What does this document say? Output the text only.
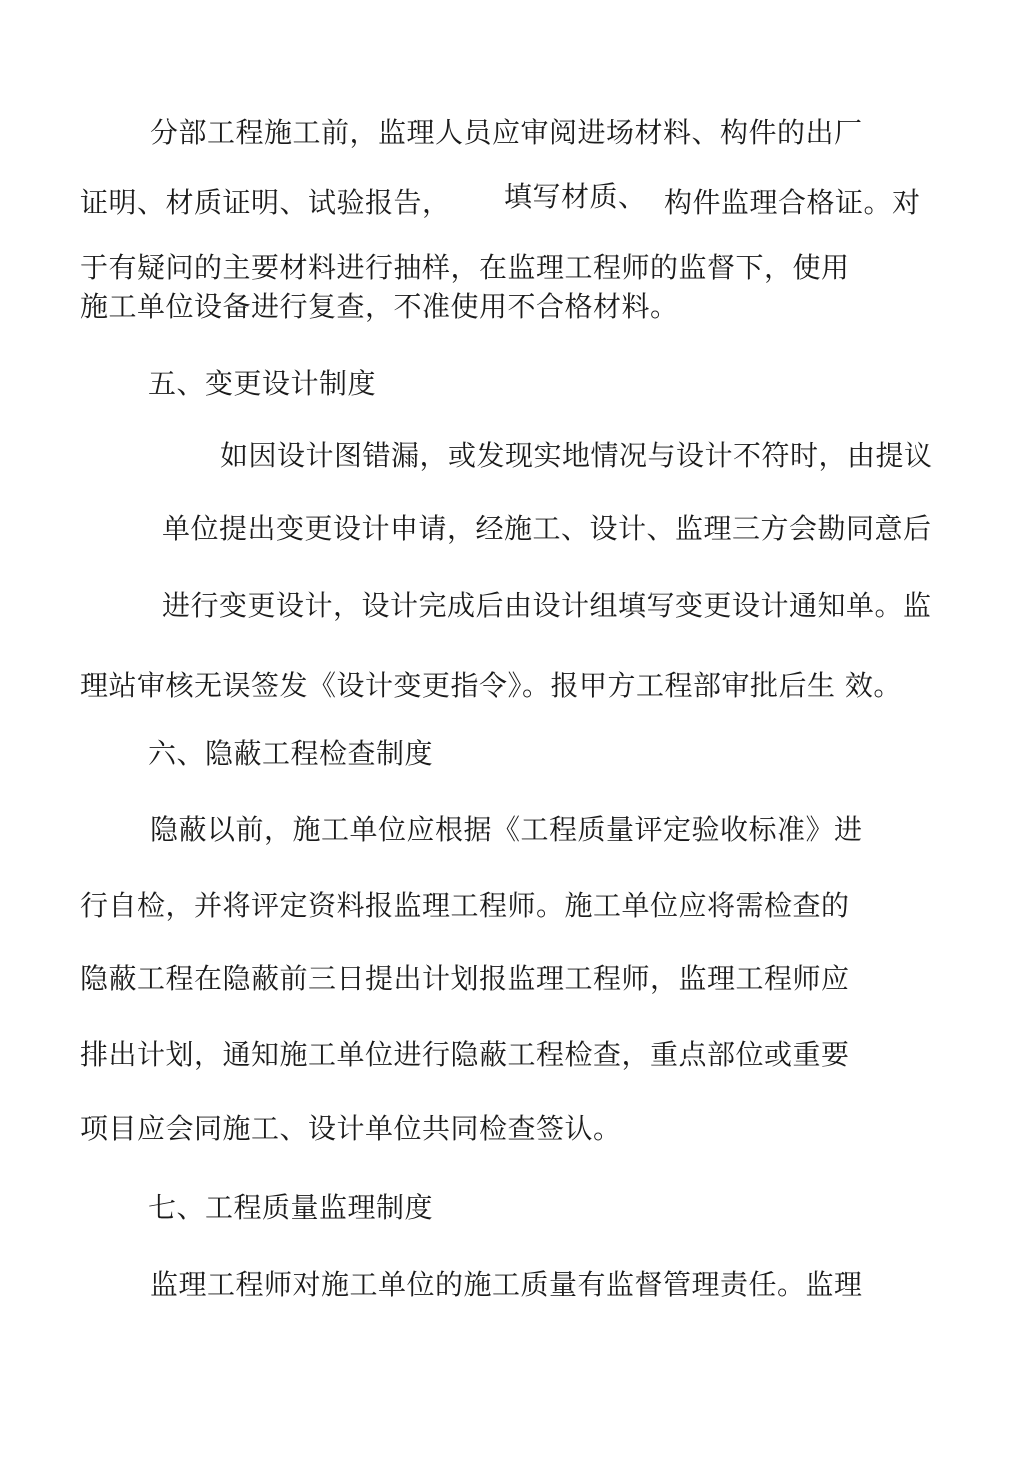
分部工程施工前，监理人员应审阅进场材料、构件的出厂
证明、材质证明、试验报告， 填写材质、 构件监理合格证。对
于有疑问的主要材料进行抽样，在监理工程师的监督下，使用
施工单位设备进行复查，不准使用不合格材料。
五、变更设计制度
如因设计图错漏，或发现实地情况与设计不符时，由提议
单位提出变更设计申请，经施工、设计、监理三方会勘同意后
进行变更设计，设计完成后由设计组填写变更设计通知单。监
理站审核无误签发《设计变更指令》。报甲方工程部审批后生 效。
六、隐蔽工程检查制度
隐蔽以前，施工单位应根据《工程质量评定验收标准》进
行自检，并将评定资料报监理工程师。施工单位应将需检查的
隐蔽工程在隐蔽前三日提出计划报监理工程师，监理工程师应
排出计划，通知施工单位进行隐蔽工程检查，重点部位或重要
项目应会同施工、设计单位共同检查签认。
七、工程质量监理制度
监理工程师对施工单位的施工质量有监督管理责任。监理
